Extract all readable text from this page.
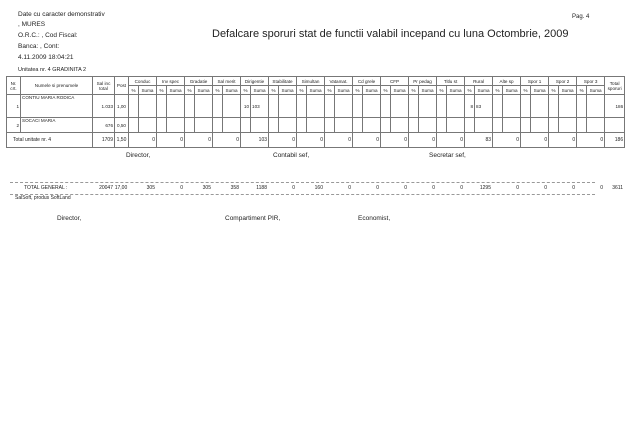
Date cu caracter demonstrativ
, MURES
O.R.C.: , Cod Fiscal:
Banca: , Cont:
4.11.2009 18:04:21
Unitatea nr. 4 GRADINITA 2
Defalcare sporuri stat de functii valabil incepand cu luna Octombrie, 2009
Pag. 4
Nr. crt.	Numele si prenumele	Sal inc total	Post	Conduc		Inv spec		Gradatie		Sal merit		Dirigentie		Stabilitate		Simultan		Vatamat.		Cd grele		CFP		Pr pedag		Titlu st		Rural		Alte sp		Spor 1		Spor 2		Spor 3		Total sporuri
				%	Suma	%	Suma	%	Suma	%	Suma	%	Suma	%	Suma	%	Suma	%	Suma	%	Suma	%	Suma	%	Suma	%	Suma	%	Suma	%	Suma	%	Suma	%	Suma	%	Suma	
1	CONTIU MARIA RODICA	1.033	1,00									10	103															8	83									186
2	SOCACI MARIA	676	0,50																																			
Total unitate nr. 4		1709	1,50	0		0		0		0		103		0		0		0		0		0		0		0		83		0		0		0		0		186
Director,	Contabil sef,	Secretar sef,
TOTAL GENERAL :	20047	17,00	305	0	305	358	1188	0	160	0	0	0	0	0	1295	0	0	0	0	3611
SalSoft, produs SoftLand
Director,	Compartiment PIR,	Economist,
